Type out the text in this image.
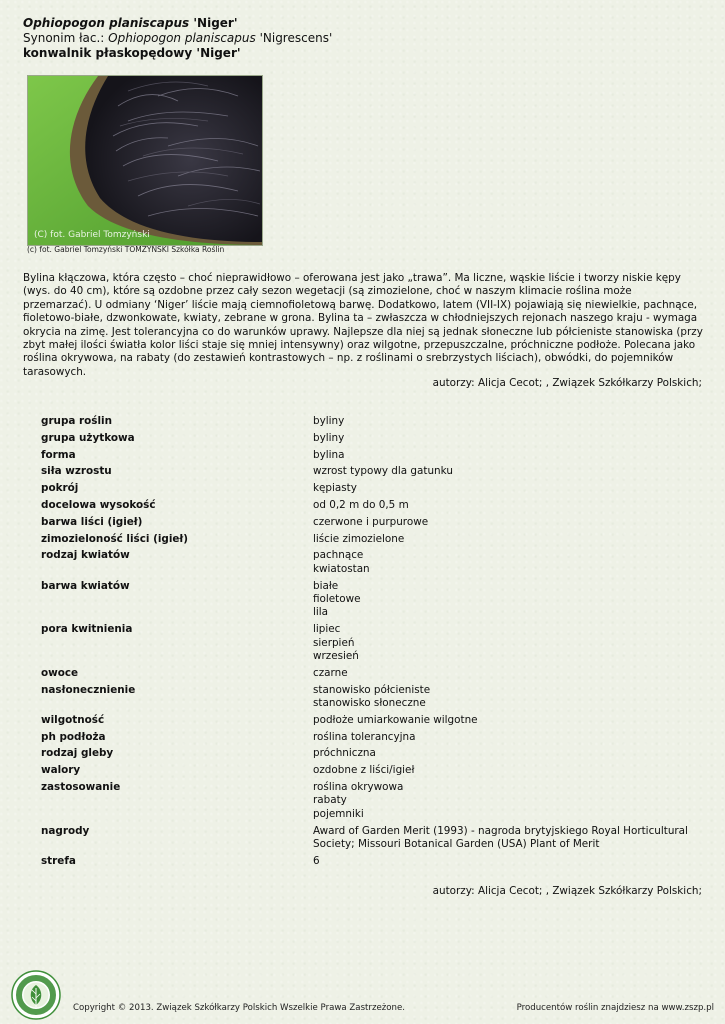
Ophiopogon planiscapus 'Niger'
Synonim łac.: Ophiopogon planiscapus 'Nigrescens'
konwalnik płaskopędowy 'Niger'
(C) fot. Gabriel Tomzyński
(c) fot. Gabriel Tomzyński TOMZYNSKI Szkółka Roślin
Bylina kłączowa, która często – choć nieprawidłowo – oferowana jest jako „trawa”. Ma liczne, wąskie liście i tworzy niskie kępy (wys. do 40 cm), które są ozdobne przez cały sezon wegetacji (są zimozielone, choć w naszym klimacie roślina może przemarzać). U odmiany ‘Niger’ liście mają ciemnofioletową barwę. Dodatkowo, latem (VII-IX) pojawiają się niewielkie, pachnące, fioletowo-białe, dzwonkowate, kwiaty, zebrane w grona. Bylina ta – zwłaszcza w chłodniejszych rejonach naszego kraju - wymaga okrycia na zimę. Jest tolerancyjna co do warunków uprawy. Najlepsze dla niej są jednak słoneczne lub półcieniste stanowiska (przy zbyt małej ilości światła kolor liści staje się mniej intensywny) oraz wilgotne, przepuszczalne, próchniczne podłoże. Polecana jako roślina okrywowa, na rabaty (do zestawień kontrastowych – np. z roślinami o srebrzystych liściach), obwódki, do pojemników tarasowych.
autorzy: Alicja Cecot; , Związek Szkółkarzy Polskich;
grupa roślin	byliny
grupa użytkowa	byliny
forma	bylina
siła wzrostu	wzrost typowy dla gatunku
pokrój	kępiasty
docelowa wysokość	od 0,2 m do 0,5 m
barwa liści (igieł)	czerwone i purpurowe
zimozieloność liści (igieł)	liście zimozielone
rodzaj kwiatów	pachnące
kwiatostan
barwa kwiatów	białe
fioletowe
lila
pora kwitnienia	lipiec
sierpień
wrzesień
owoce	czarne
nasłonecznienie	stanowisko półcieniste
stanowisko słoneczne
wilgotność	podłoże umiarkowanie wilgotne
ph podłoża	roślina tolerancyjna
rodzaj gleby	próchniczna
walory	ozdobne z liści/igieł
zastosowanie	roślina okrywowa
rabaty
pojemniki
nagrody	Award of Garden Merit (1993) - nagroda brytyjskiego Royal Horticultural Society; Missouri Botanical Garden (USA) Plant of Merit
strefa	6
autorzy: Alicja Cecot; , Związek Szkółkarzy Polskich;
Copyright © 2013. Związek Szkółkarzy Polskich Wszelkie Prawa Zastrzeżone.	Producentów roślin znajdziesz na www.zszp.pl
